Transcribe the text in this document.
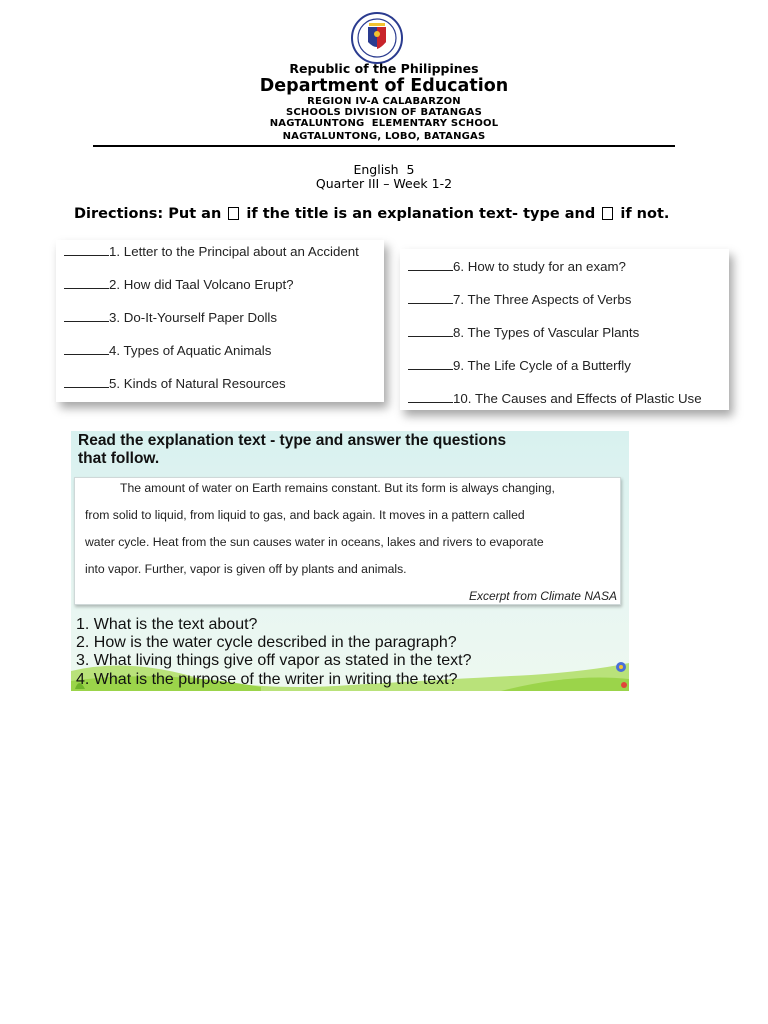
Republic of the Philippines
Department of Education
REGION IV-A CALABARZON
SCHOOLS DIVISION OF BATANGAS
NAGTALUNTONG  ELEMENTARY SCHOOL
NAGTALUNTONG, LOBO, BATANGAS
English  5
Quarter III – Week 1-2
Directions: Put an  if the title is an explanation text- type and  if not.
1. Letter to the Principal about an Accident
2. How did Taal Volcano Erupt?
3. Do-It-Yourself Paper Dolls
4. Types of Aquatic Animals
5. Kinds of Natural Resources
6. How to study for an exam?
7. The Three Aspects of Verbs
8. The Types of Vascular Plants
9. The Life Cycle of a Butterfly
10. The Causes and Effects of Plastic Use
Read the explanation text - type and answer the questions
that follow.
The amount of water on Earth remains constant. But its form is always changing,
from solid to liquid, from liquid to gas, and back again. It moves in a pattern called
water cycle. Heat from the sun causes water in oceans, lakes and rivers to evaporate
into vapor. Further, vapor is given off by plants and animals.
Excerpt from Climate NASA
1. What is the text about?
2. How is the water cycle described in the paragraph?
3. What living things give off vapor as stated in the text?
4. What is the purpose of the writer in writing the text?
